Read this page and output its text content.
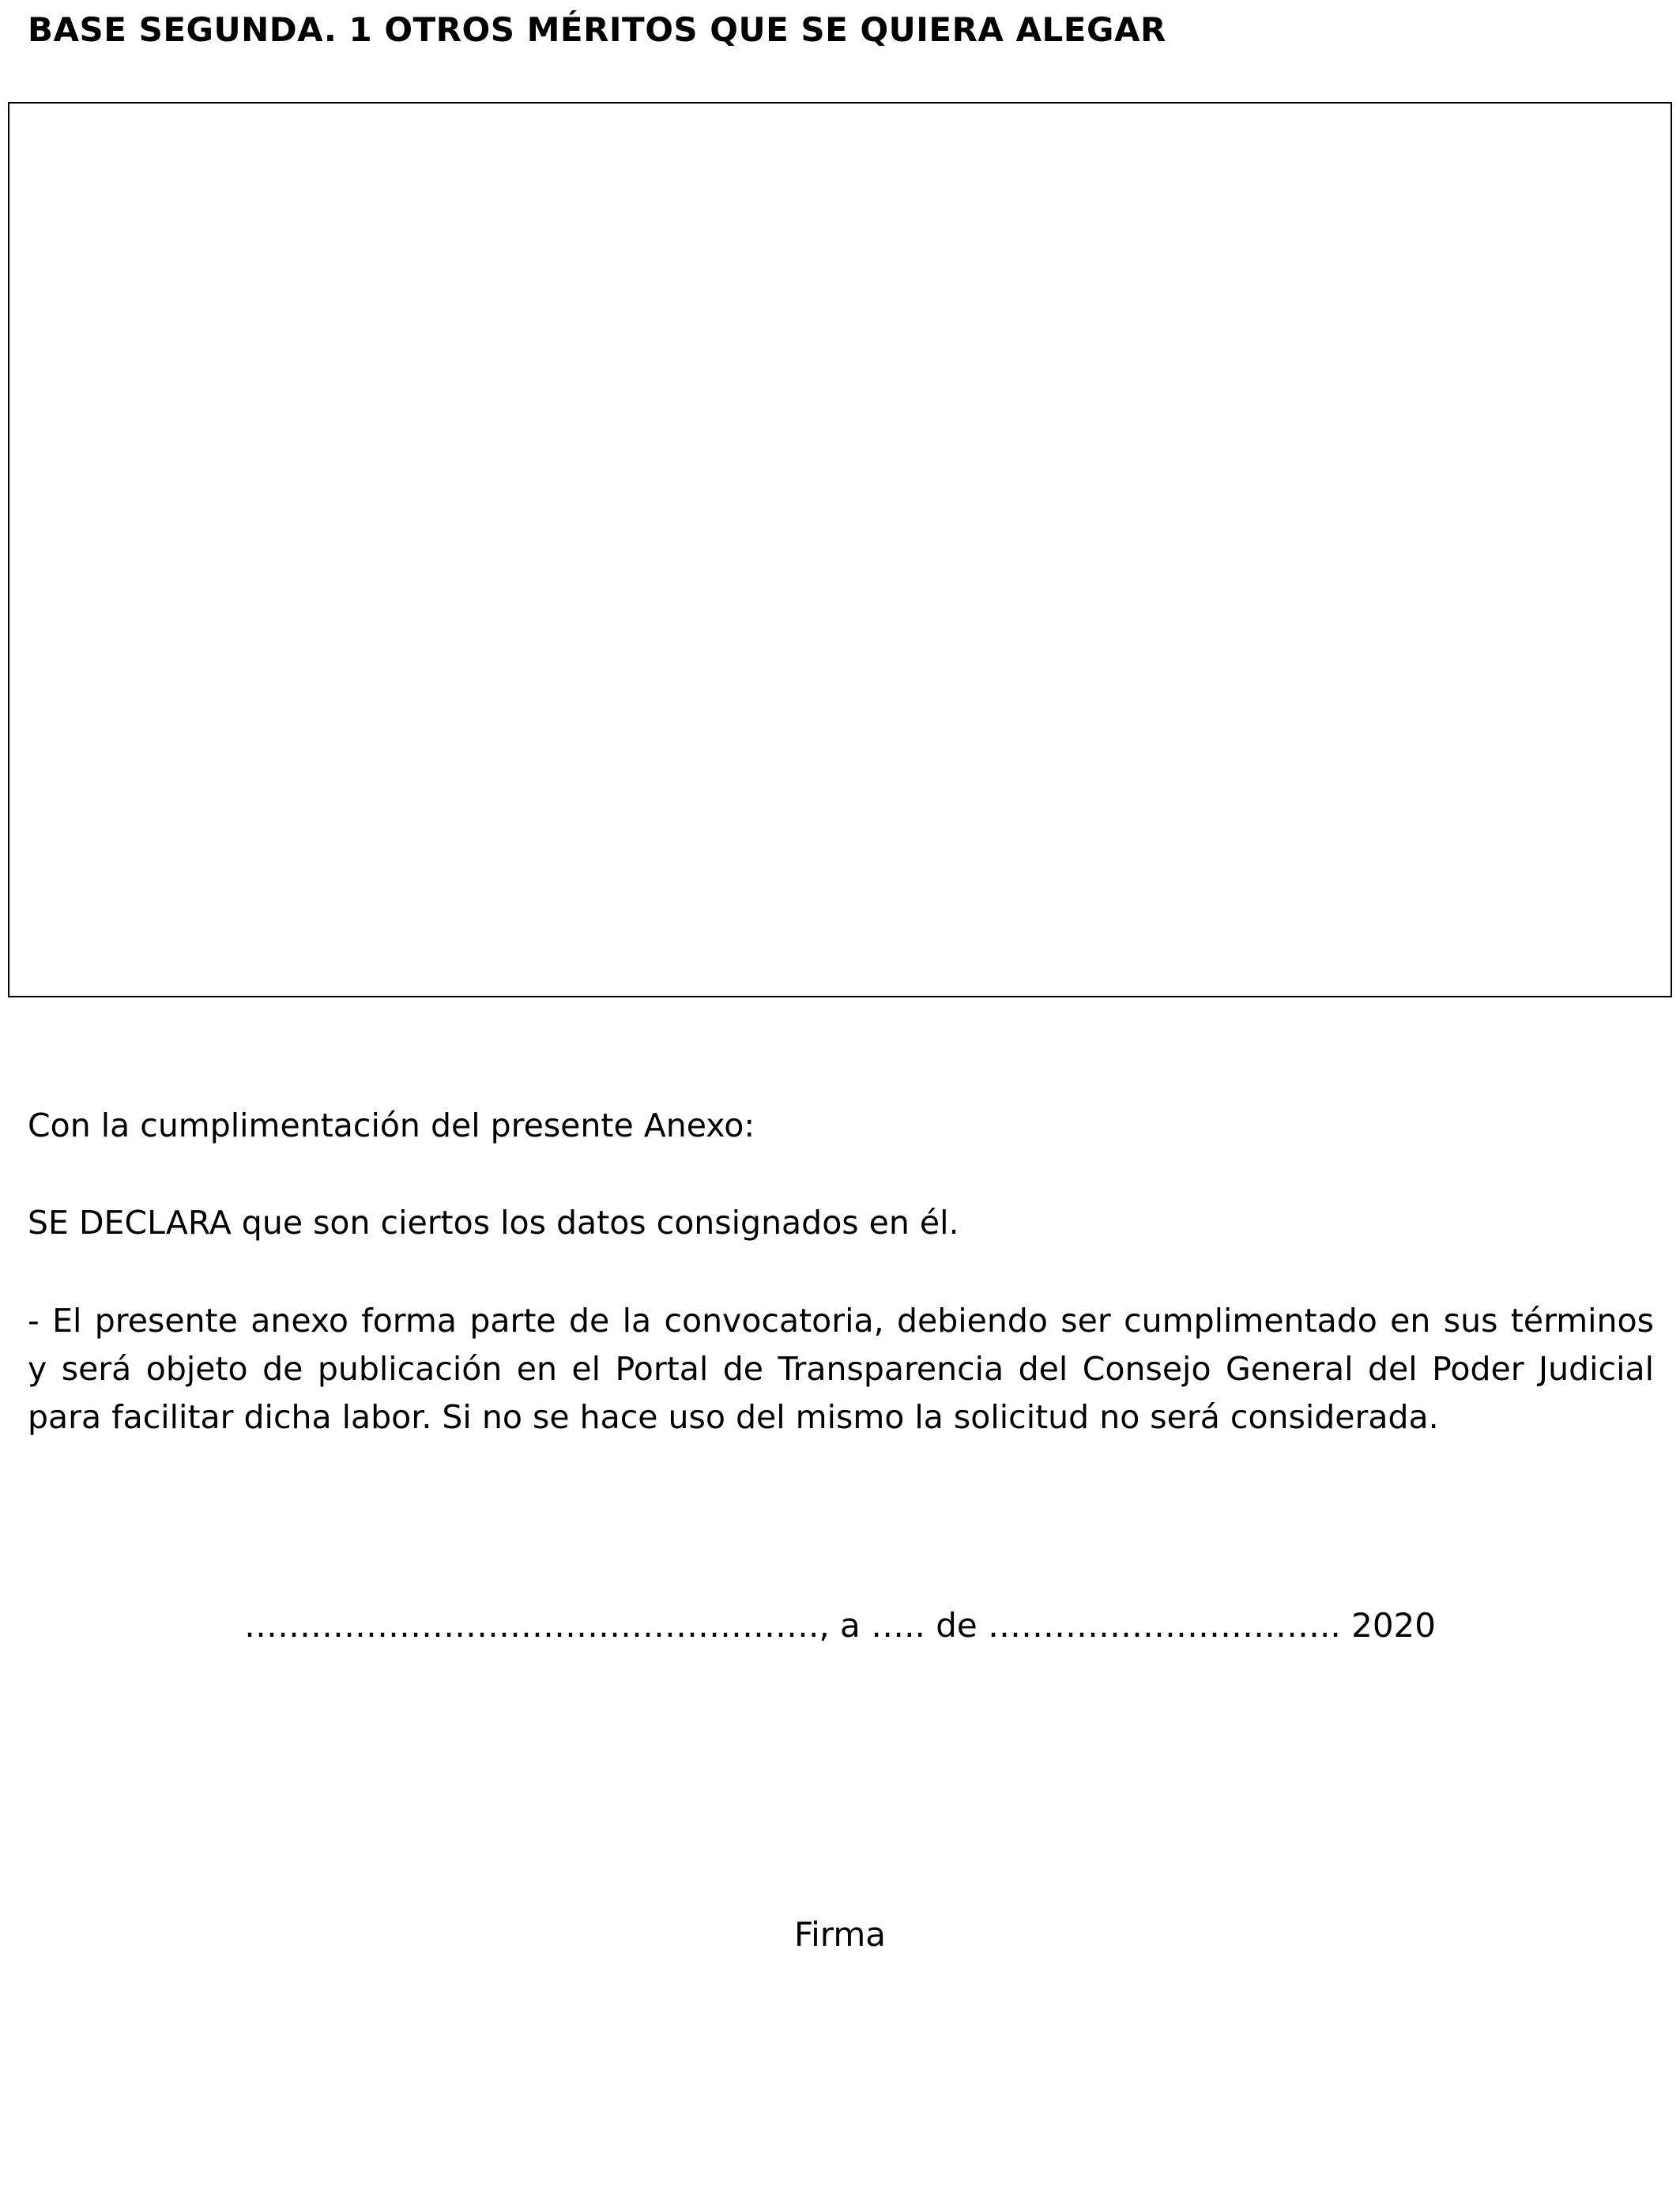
BASE SEGUNDA. 1 OTROS MÉRITOS QUE SE QUIERA ALEGAR
Con la cumplimentación del presente Anexo:
SE DECLARA que son ciertos los datos consignados en él.
- El presente anexo forma parte de la convocatoria, debiendo ser cumplimentado en sus términos
y será objeto de publicación en el Portal de Transparencia del Consejo General del Poder Judicial
para facilitar dicha labor. Si no se hace uso del mismo la solicitud no será considerada.
……………………………………………., a ….. de ………………………….. 2020
Firma
